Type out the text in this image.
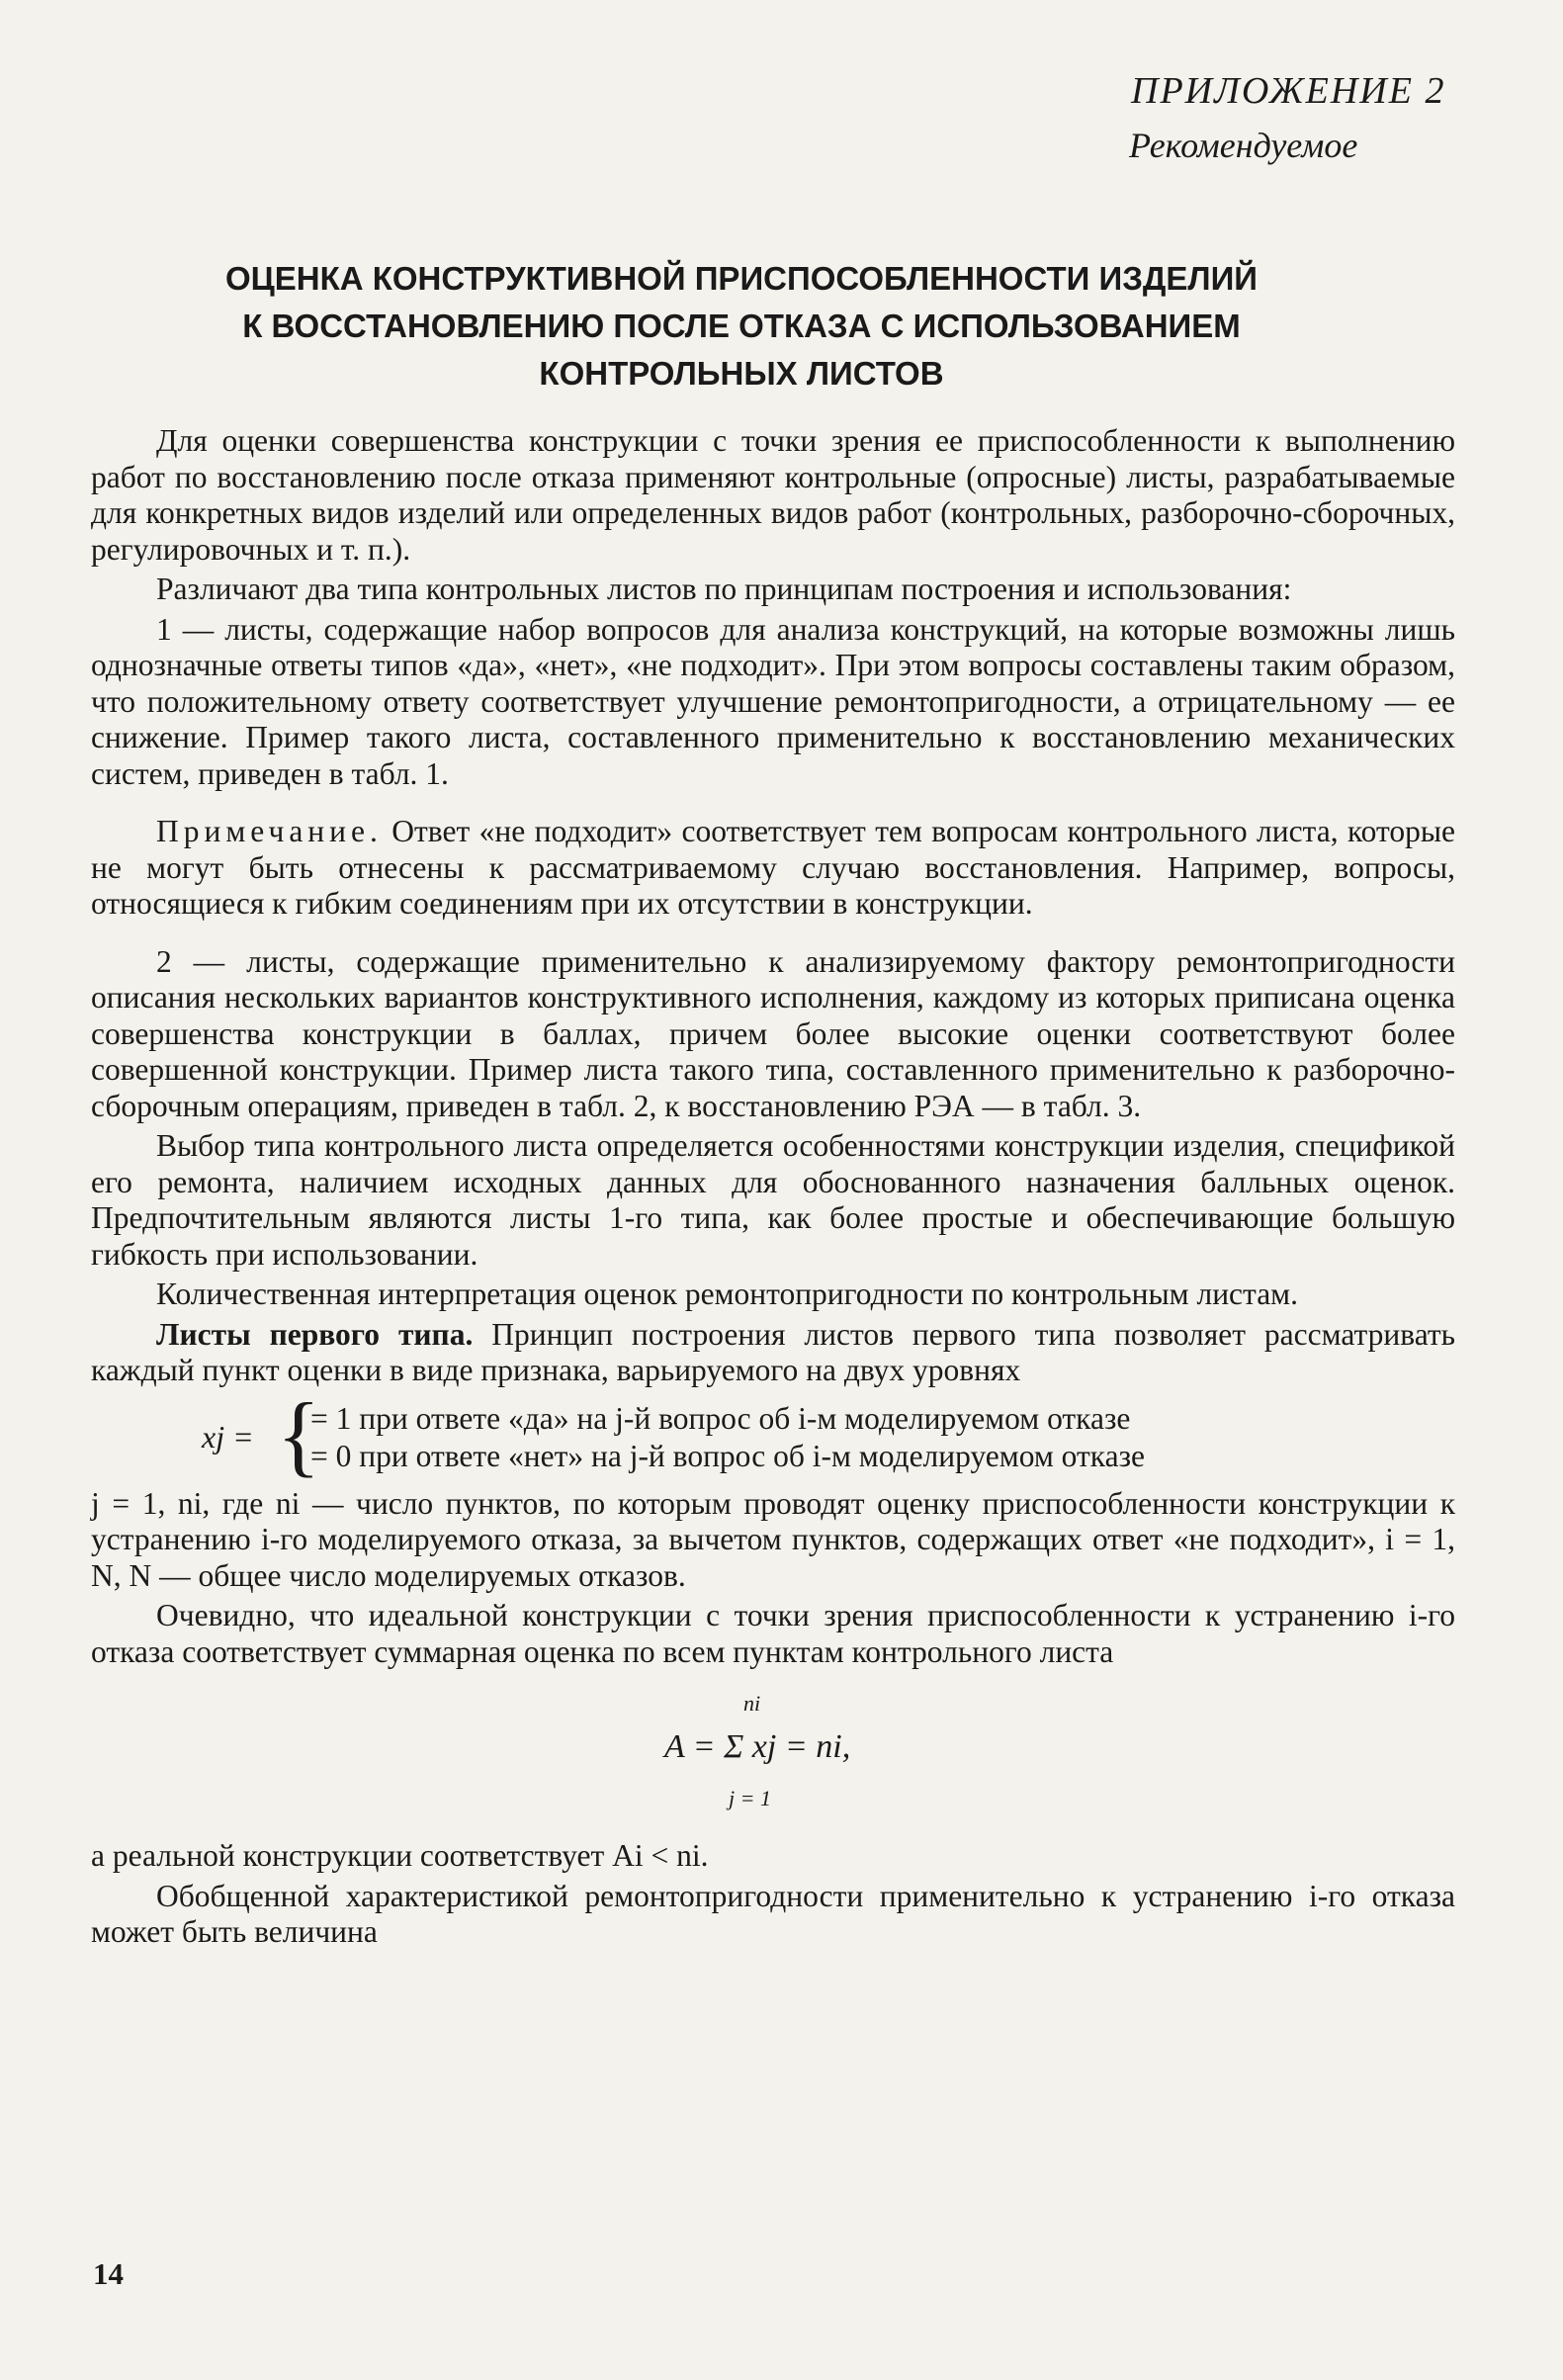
ПРИЛОЖЕНИЕ 2
Рекомендуемое
ОЦЕНКА КОНСТРУКТИВНОЙ ПРИСПОСОБЛЕННОСТИ ИЗДЕЛИЙ
К ВОССТАНОВЛЕНИЮ ПОСЛЕ ОТКАЗА С ИСПОЛЬЗОВАНИЕМ
КОНТРОЛЬНЫХ ЛИСТОВ

Для оценки совершенства конструкции с точки зрения ее приспособленности к выполнению работ по восстановлению после отказа применяют контрольные (опросные) листы, разрабатываемые для конкретных видов изделий или определенных видов работ (контрольных, разборочно-сборочных, регулировочных и т. п.).

Различают два типа контрольных листов по принципам построения и использования:

1 — листы, содержащие набор вопросов для анализа конструкций, на которые возможны лишь однозначные ответы типов «да», «нет», «не подходит». При этом вопросы составлены таким образом, что положительному ответу соответствует улучшение ремонтопригодности, а отрицательному — ее снижение. Пример такого листа, составленного применительно к восстановлению механических систем, приведен в табл. 1.

Примечание. Ответ «не подходит» соответствует тем вопросам контрольного листа, которые не могут быть отнесены к рассматриваемому случаю восстановления. Например, вопросы, относящиеся к гибким соединениям при их отсутствии в конструкции.

2 — листы, содержащие применительно к анализируемому фактору ремонтопригодности описания нескольких вариантов конструктивного исполнения, каждому из которых приписана оценка совершенства конструкции в баллах, причем более высокие оценки соответствуют более совершенной конструкции. Пример листа такого типа, составленного применительно к разборочно-сборочным операциям, приведен в табл. 2, к восстановлению РЭА — в табл. 3.

Выбор типа контрольного листа определяется особенностями конструкции изделия, спецификой его ремонта, наличием исходных данных для обоснованного назначения балльных оценок. Предпочтительным являются листы 1-го типа, как более простые и обеспечивающие большую гибкость при использовании.

Количественная интерпретация оценок ремонтопригодности по контрольным листам.

Листы первого типа. Принцип построения листов первого типа позволяет рассматривать каждый пункт оценки в виде признака, варьируемого на двух уровнях

xj = {
= 1 при ответе «да» на j-й вопрос об i-м моделируемом отказе
= 0 при ответе «нет» на j-й вопрос об i-м моделируемом отказе

j = 1, ni, где ni — число пунктов, по которым проводят оценку приспособленности конструкции к устранению i-го моделируемого отказа, за вычетом пунктов, содержащих ответ «не подходит», i = 1, N, N — общее число моделируемых отказов.

Очевидно, что идеальной конструкции с точки зрения приспособленности к устранению i-го отказа соответствует суммарная оценка по всем пунктам контрольного листа

ni
A = Σ xj = ni,
j = 1

а реальной конструкции соответствует Ai < ni.

Обобщенной характеристикой ремонтопригодности применительно к устранению i-го отказа может быть величина

14
